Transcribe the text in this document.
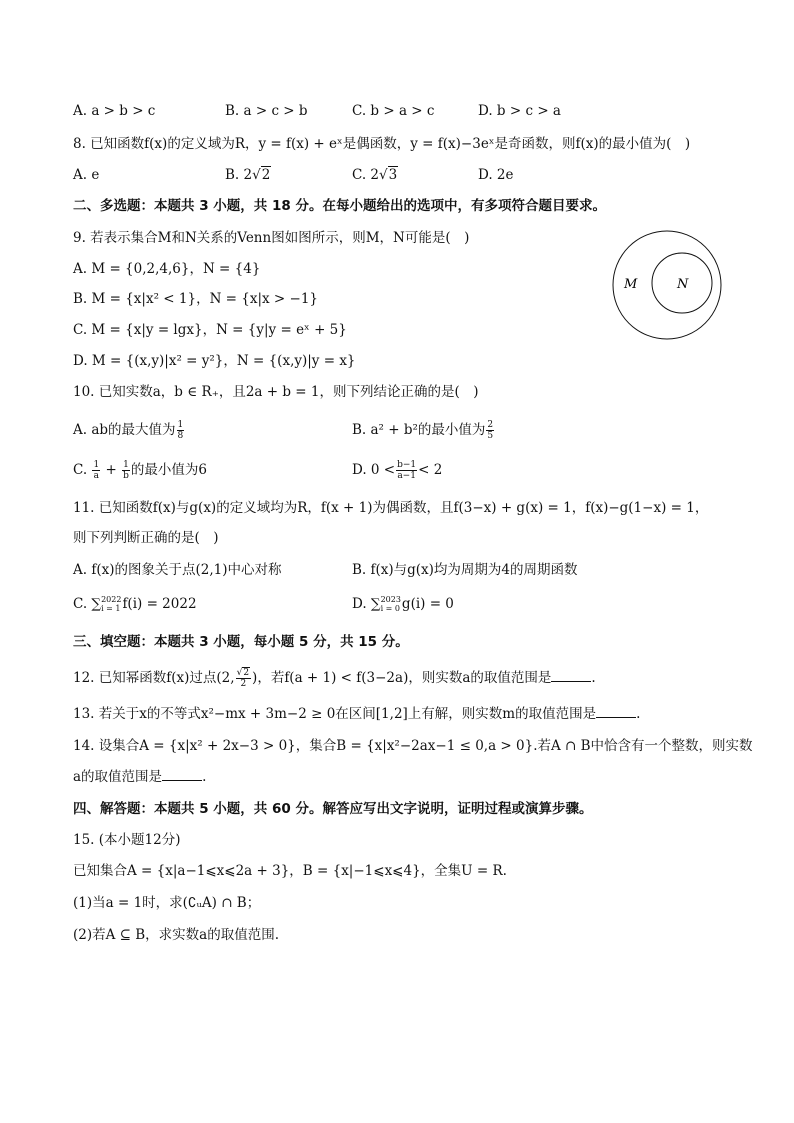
A. a > b > c	B. a > c > b	C. b > a > c	D. b > c > a
8. 已知函数f(x)的定义域为R，y = f(x) + eˣ是偶函数，y = f(x)−3eˣ是奇函数，则f(x)的最小值为(　)
A. e	B. 2√2	C. 2√3	D. 2e
二、多选题：本题共 3 小题，共 18 分。在每小题给出的选项中，有多项符合题目要求。
9. 若表示集合M和N关系的Venn图如图所示，则M，N可能是(　)
A. M = {0,2,4,6}，N = {4}
B. M = {x|x² < 1}，N = {x|x > −1}
C. M = {x|y = lgx}，N = {y|y = eˣ + 5}
D. M = {(x,y)|x² = y²}，N = {(x,y)|y = x}
M	N
10. 已知实数a，b ∈ R₊，且2a + b = 1，则下列结论正确的是(　)
A. ab的最大值为 $\frac{1}{8}$	B. a² + b²的最小值为 $\frac{2}{5}$
C. $\frac{1}{a} + \frac{1}{b}$ 的最小值为6	D. $0 < \frac{b-1}{a-1} < 2$
11. 已知函数f(x)与g(x)的定义域均为R，f(x + 1)为偶函数，且f(3−x) + g(x) = 1，f(x)−g(1−x) = 1，
则下列判断正确的是(　)
A. f(x)的图象关于点(2,1)中心对称	B. f(x)与g(x)均为周期为4的周期函数
C. ∑ 2022
i = 1 f(i) = 2022	D. ∑ 2023
i = 0 g(i) = 0
三、填空题：本题共 3 小题，每小题 5 分，共 15 分。
12. 已知幂函数f(x)过点(2, $\frac{√2}{2}$ )，若f(a + 1) < f(3−2a)，则实数a的取值范围是	.
13. 若关于x的不等式x²−mx + 3m−2 ≥ 0在区间[1,2]上有解，则实数m的取值范围是	.
14. 设集合A = {x|x² + 2x−3 > 0}，集合B = {x|x²−2ax−1 ≤ 0,a > 0}.若A ∩ B中恰含有一个整数，则实数
a的取值范围是	.
四、解答题：本题共 5 小题，共 60 分。解答应写出文字说明，证明过程或演算步骤。
15. (本小题12分)
已知集合A = {x|a−1⩽x⩽2a + 3}，B = {x|−1⩽x⩽4}，全集U = R.
(1)当a = 1时，求(∁ᵤA) ∩ B；
(2)若A ⊆ B，求实数a的取值范围.
